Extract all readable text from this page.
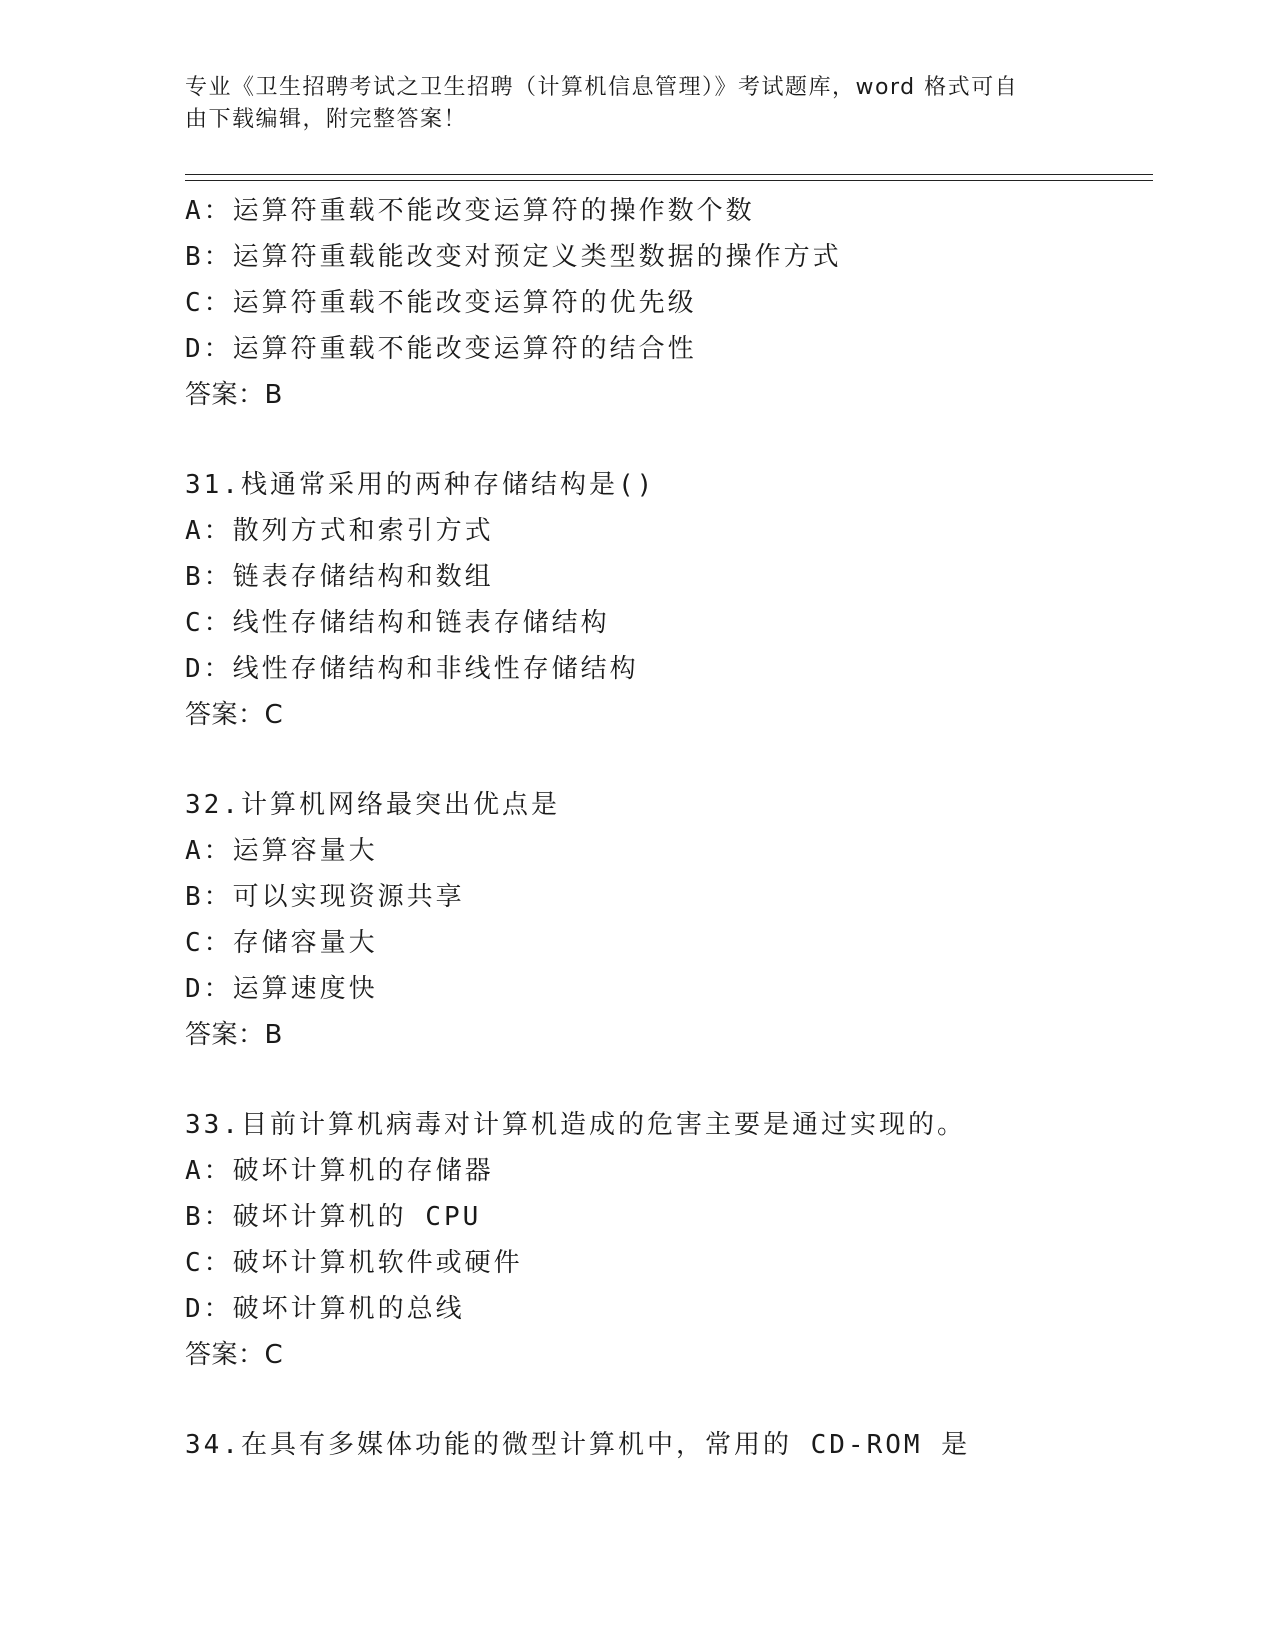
专业《卫生招聘考试之卫生招聘（计算机信息管理）》考试题库，word 格式可自
由下载编辑，附完整答案！
A：运算符重载不能改变运算符的操作数个数
B：运算符重载能改变对预定义类型数据的操作方式
C：运算符重载不能改变运算符的优先级
D：运算符重载不能改变运算符的结合性
答案：B
31.栈通常采用的两种存储结构是()
A：散列方式和索引方式
B：链表存储结构和数组
C：线性存储结构和链表存储结构
D：线性存储结构和非线性存储结构
答案：C
32.计算机网络最突出优点是
A：运算容量大
B：可以实现资源共享
C：存储容量大
D：运算速度快
答案：B
33.目前计算机病毒对计算机造成的危害主要是通过实现的。
A：破坏计算机的存储器
B：破坏计算机的 CPU
C：破坏计算机软件或硬件
D：破坏计算机的总线
答案：C
34.在具有多媒体功能的微型计算机中，常用的 CD-ROM 是
